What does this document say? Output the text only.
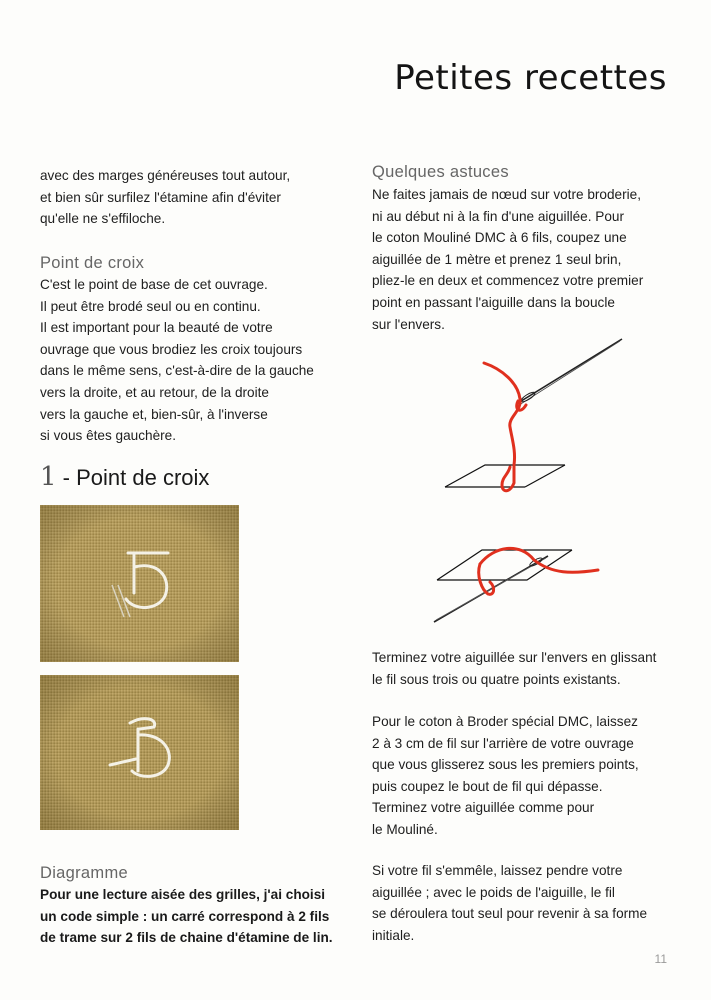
Petites recettes

avec des marges généreuses tout autour,
et bien sûr surfilez l'étamine afin d'éviter
qu'elle ne s'effiloche.

Point de croix

C'est le point de base de cet ouvrage.
Il peut être brodé seul ou en continu.
Il est important pour la beauté de votre
ouvrage que vous brodiez les croix toujours
dans le même sens, c'est-à-dire de la gauche
vers la droite, et au retour, de la droite
vers la gauche et, bien-sûr, à l'inverse
si vous êtes gauchère.

1 - Point de croix
Diagramme

Pour une lecture aisée des grilles, j'ai choisi
un code simple : un carré correspond à 2 fils
de trame sur 2 fils de chaine d'étamine de lin.

Quelques astuces

Ne faites jamais de nœud sur votre broderie,
ni au début ni à la fin d'une aiguillée. Pour
le coton Mouliné DMC à 6 fils, coupez une
aiguillée de 1 mètre et prenez 1 seul brin,
pliez-le en deux et commencez votre premier
point en passant l'aiguille dans la boucle
sur l'envers.

Terminez votre aiguillée sur l'envers en glissant
le fil sous trois ou quatre points existants.

Pour le coton à Broder spécial DMC, laissez
2 à 3 cm de fil sur l'arrière de votre ouvrage
que vous glisserez sous les premiers points,
puis coupez le bout de fil qui dépasse.
Terminez votre aiguillée comme pour
le Mouliné.

Si votre fil s'emmêle, laissez pendre votre
aiguillée ; avec le poids de l'aiguille, le fil
se déroulera tout seul pour revenir à sa forme
initiale.

11
